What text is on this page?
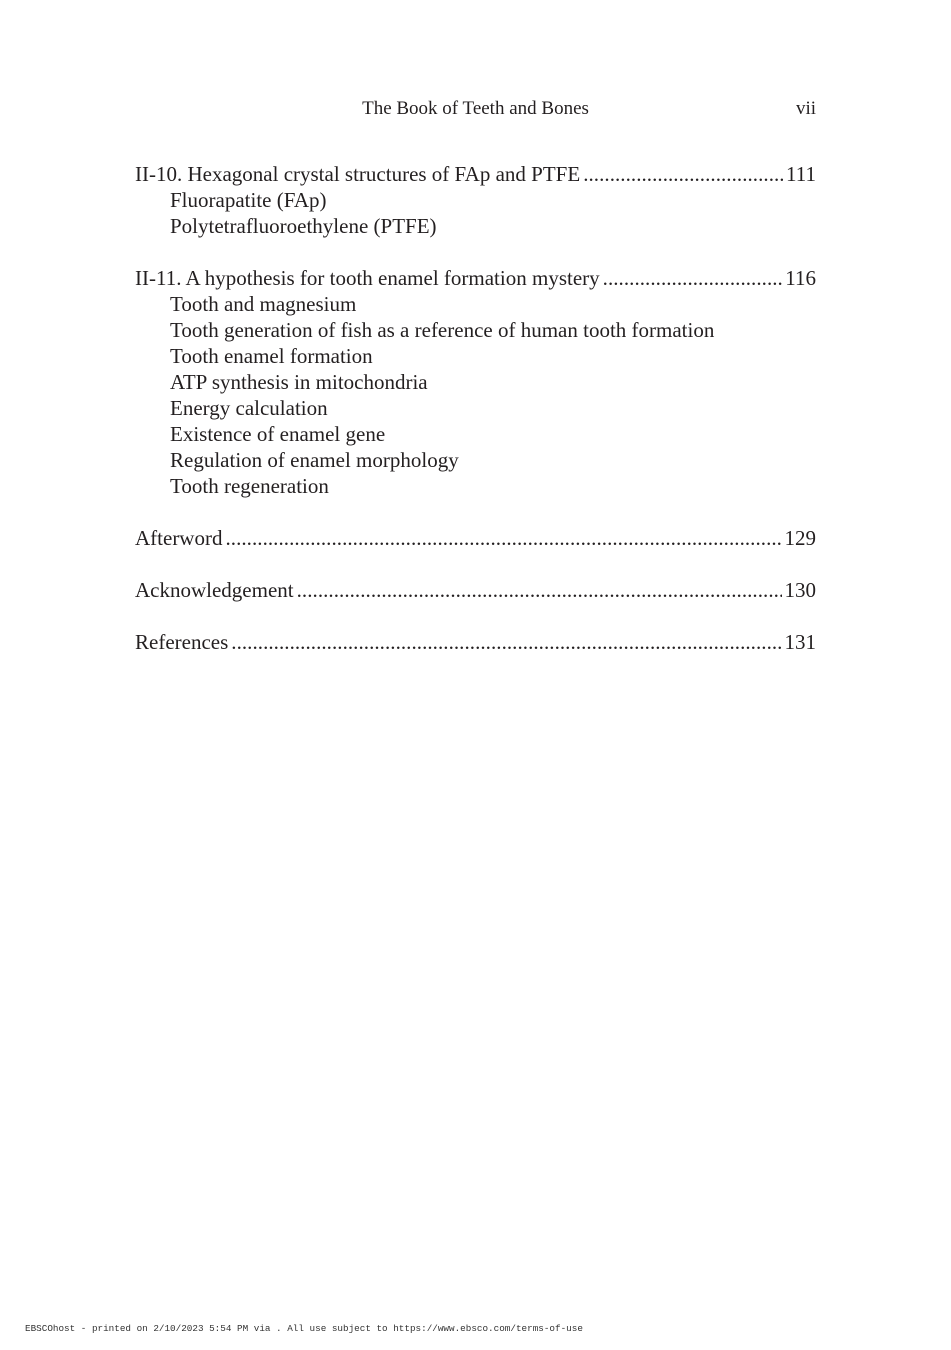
The Book of Teeth and Bones	vii
II-10. Hexagonal crystal structures of FAp and PTFE . . .	111
Fluorapatite (FAp)
Polytetrafluoroethylene (PTFE)
II-11. A hypothesis for tooth enamel formation mystery . . .	116
Tooth and magnesium
Tooth generation of fish as a reference of human tooth formation
Tooth enamel formation
ATP synthesis in mitochondria
Energy calculation
Existence of enamel gene
Regulation of enamel morphology
Tooth regeneration
Afterword . . .	129
Acknowledgement . . .	130
References . . .	131
EBSCOhost - printed on 2/10/2023 5:54 PM via . All use subject to https://www.ebsco.com/terms-of-use
